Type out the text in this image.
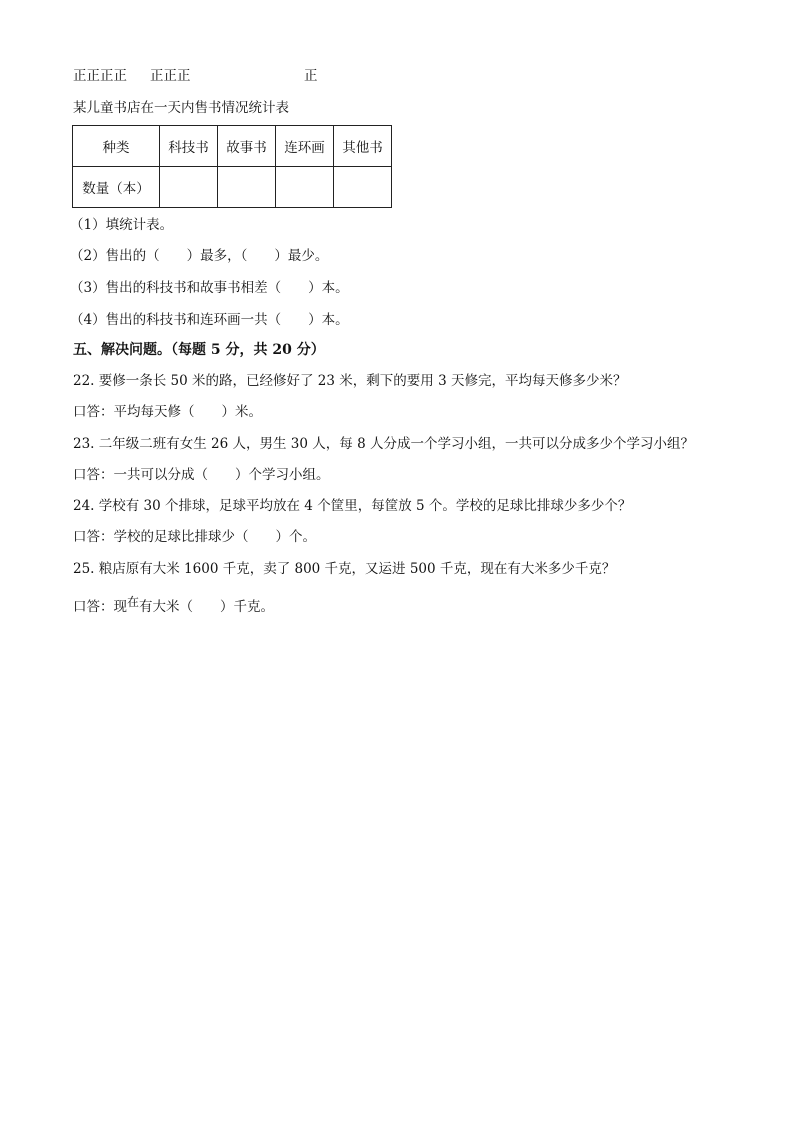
正正正正 正正正	正
某儿童书店在一天内售书情况统计表
种类	科技书	故事书	连环画	其他书
数量（本）				
（1）填统计表。
（2）售出的（　　）最多，（　　）最少。
（3）售出的科技书和故事书相差（　　）本。
（4）售出的科技书和连环画一共（　　）本。
五、解决问题。（每题 5 分，共 20 分）
22. 要修一条长 50 米的路，已经修好了 23 米，剩下的要用 3 天修完，平均每天修多少米？
口答：平均每天修（　　）米。
23. 二年级二班有女生 26 人，男生 30 人，每 8 人分成一个学习小组，一共可以分成多少个学习小组？
口答：一共可以分成（　　）个学习小组。
24. 学校有 30 个排球，足球平均放在 4 个筐里，每筐放 5 个。学校的足球比排球少多少个？
口答：学校的足球比排球少（　　）个。
25. 粮店原有大米 1600 千克，卖了 800 千克，又运进 500 千克，现在有大米多少千克？
口答：现在有大米（　　）千克。
